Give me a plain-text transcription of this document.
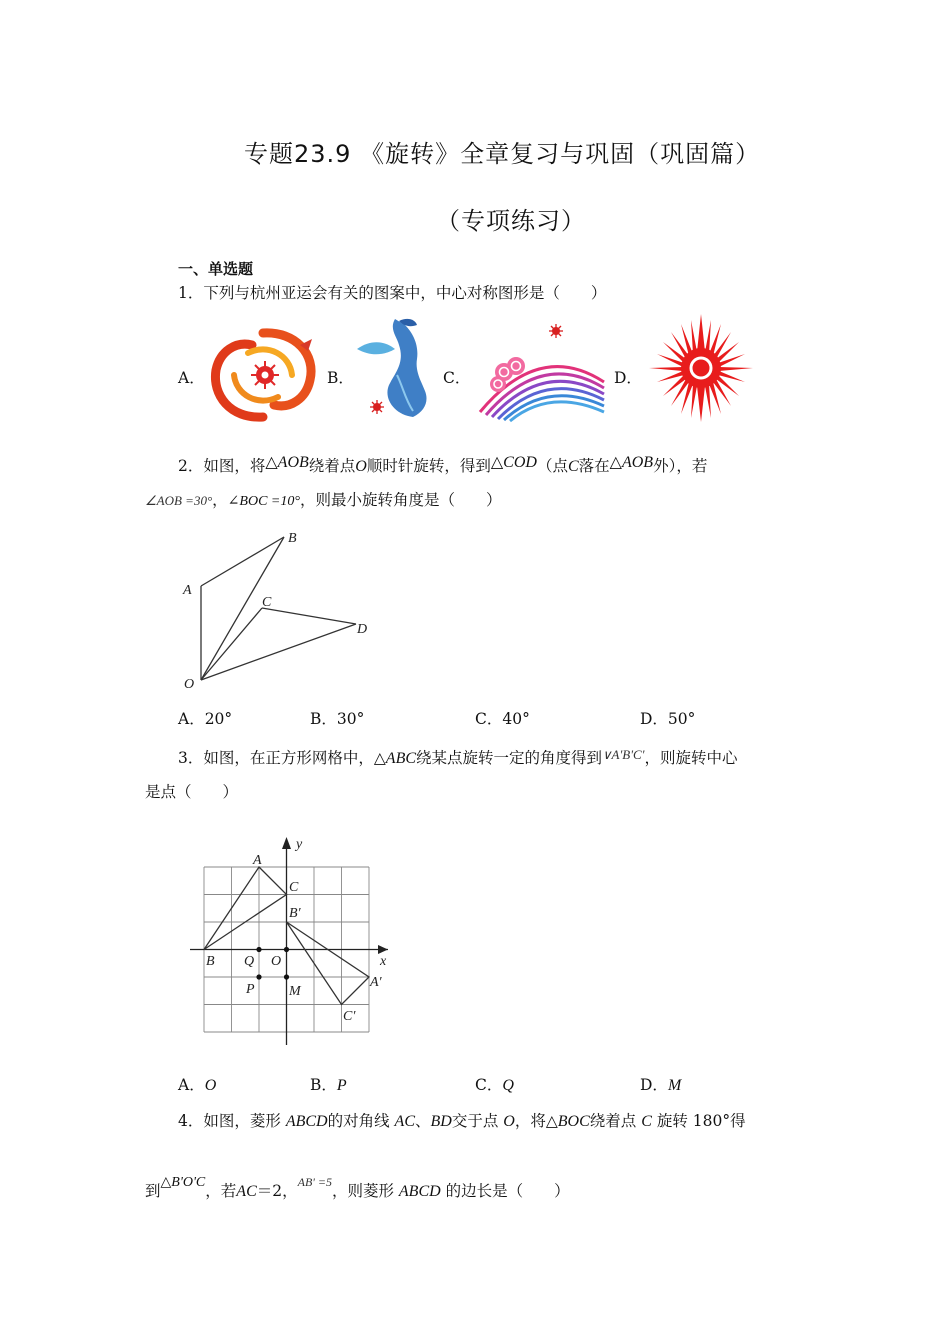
专题23.9 《旋转》全章复习与巩固（巩固篇）
（专项练习）
一、单选题
1．下列与杭州亚运会有关的图案中，中心对称图形是（　　）
A．	B．	C．	D．
2．如图，将△AOB绕着点O顺时针旋转，得到△COD（点C落在△AOB外），若
∠AOB =30°，∠BOC =10°，则最小旋转角度是（　　）
B
A
C
D
O
A．20°	B．30°	C．40°	D．50°
3．如图，在正方形网格中，△ABC绕某点旋转一定的角度得到$^{\vee A'B'C'}$，则旋转中心
是点（　　）
y
x
A
C
B′
B Q O
A′
P M
C′
A．O	B．P	C．Q	D．M
4．如图，菱形 ABCD的对角线 AC、BD交于点 O，将△BOC绕着点 C 旋转 180°得
到△B'O'C，若AC＝2，$^{AB' =5}$，则菱形 ABCD 的边长是（　　）
